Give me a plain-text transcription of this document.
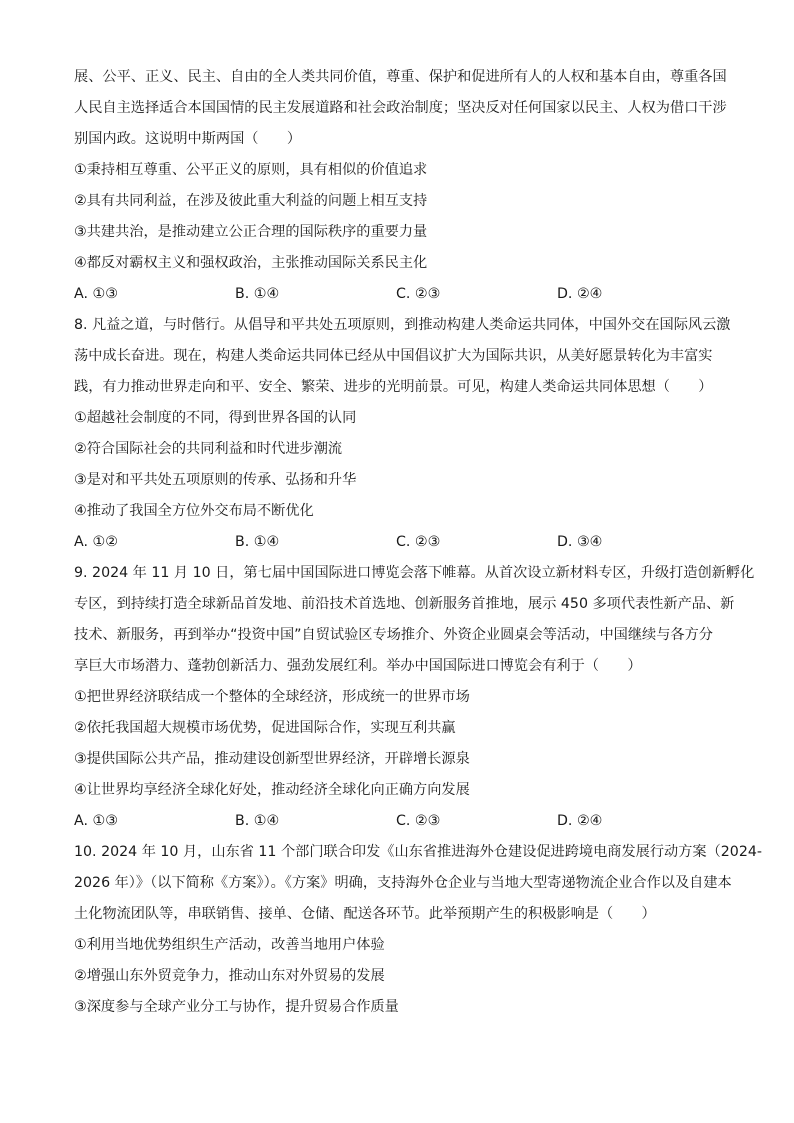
展、公平、正义、民主、自由的全人类共同价值，尊重、保护和促进所有人的人权和基本自由，尊重各国
人民自主选择适合本国国情的民主发展道路和社会政治制度；坚决反对任何国家以民主、人权为借口干涉
别国内政。这说明中斯两国（　　）
①秉持相互尊重、公平正义的原则，具有相似的价值追求
②具有共同利益，在涉及彼此重大利益的问题上相互支持
③共建共治，是推动建立公正合理的国际秩序的重要力量
④都反对霸权主义和强权政治，主张推动国际关系民主化
A. ①③	B. ①④	C. ②③	D. ②④
8. 凡益之道，与时偕行。从倡导和平共处五项原则，到推动构建人类命运共同体，中国外交在国际风云激
荡中成长奋进。现在，构建人类命运共同体已经从中国倡议扩大为国际共识，从美好愿景转化为丰富实
践，有力推动世界走向和平、安全、繁荣、进步的光明前景。可见，构建人类命运共同体思想（　　）
①超越社会制度的不同，得到世界各国的认同
②符合国际社会的共同利益和时代进步潮流
③是对和平共处五项原则的传承、弘扬和升华
④推动了我国全方位外交布局不断优化
A. ①②	B. ①④	C. ②③	D. ③④
9. 2024 年 11 月 10 日，第七届中国国际进口博览会落下帷幕。从首次设立新材料专区，升级打造创新孵化
专区，到持续打造全球新品首发地、前沿技术首选地、创新服务首推地，展示 450 多项代表性新产品、新
技术、新服务，再到举办“投资中国”自贸试验区专场推介、外资企业圆桌会等活动，中国继续与各方分
享巨大市场潜力、蓬勃创新活力、强劲发展红利。举办中国国际进口博览会有利于（　　）
①把世界经济联结成一个整体的全球经济，形成统一的世界市场
②依托我国超大规模市场优势，促进国际合作，实现互利共赢
③提供国际公共产品，推动建设创新型世界经济，开辟增长源泉
④让世界均享经济全球化好处，推动经济全球化向正确方向发展
A. ①③	B. ①④	C. ②③	D. ②④
10. 2024 年 10 月，山东省 11 个部门联合印发《山东省推进海外仓建设促进跨境电商发展行动方案（2024-
2026 年）》（以下简称《方案》）。《方案》明确，支持海外仓企业与当地大型寄递物流企业合作以及自建本
土化物流团队等，串联销售、接单、仓储、配送各环节。此举预期产生的积极影响是（　　）
①利用当地优势组织生产活动，改善当地用户体验
②增强山东外贸竞争力，推动山东对外贸易的发展
③深度参与全球产业分工与协作，提升贸易合作质量
